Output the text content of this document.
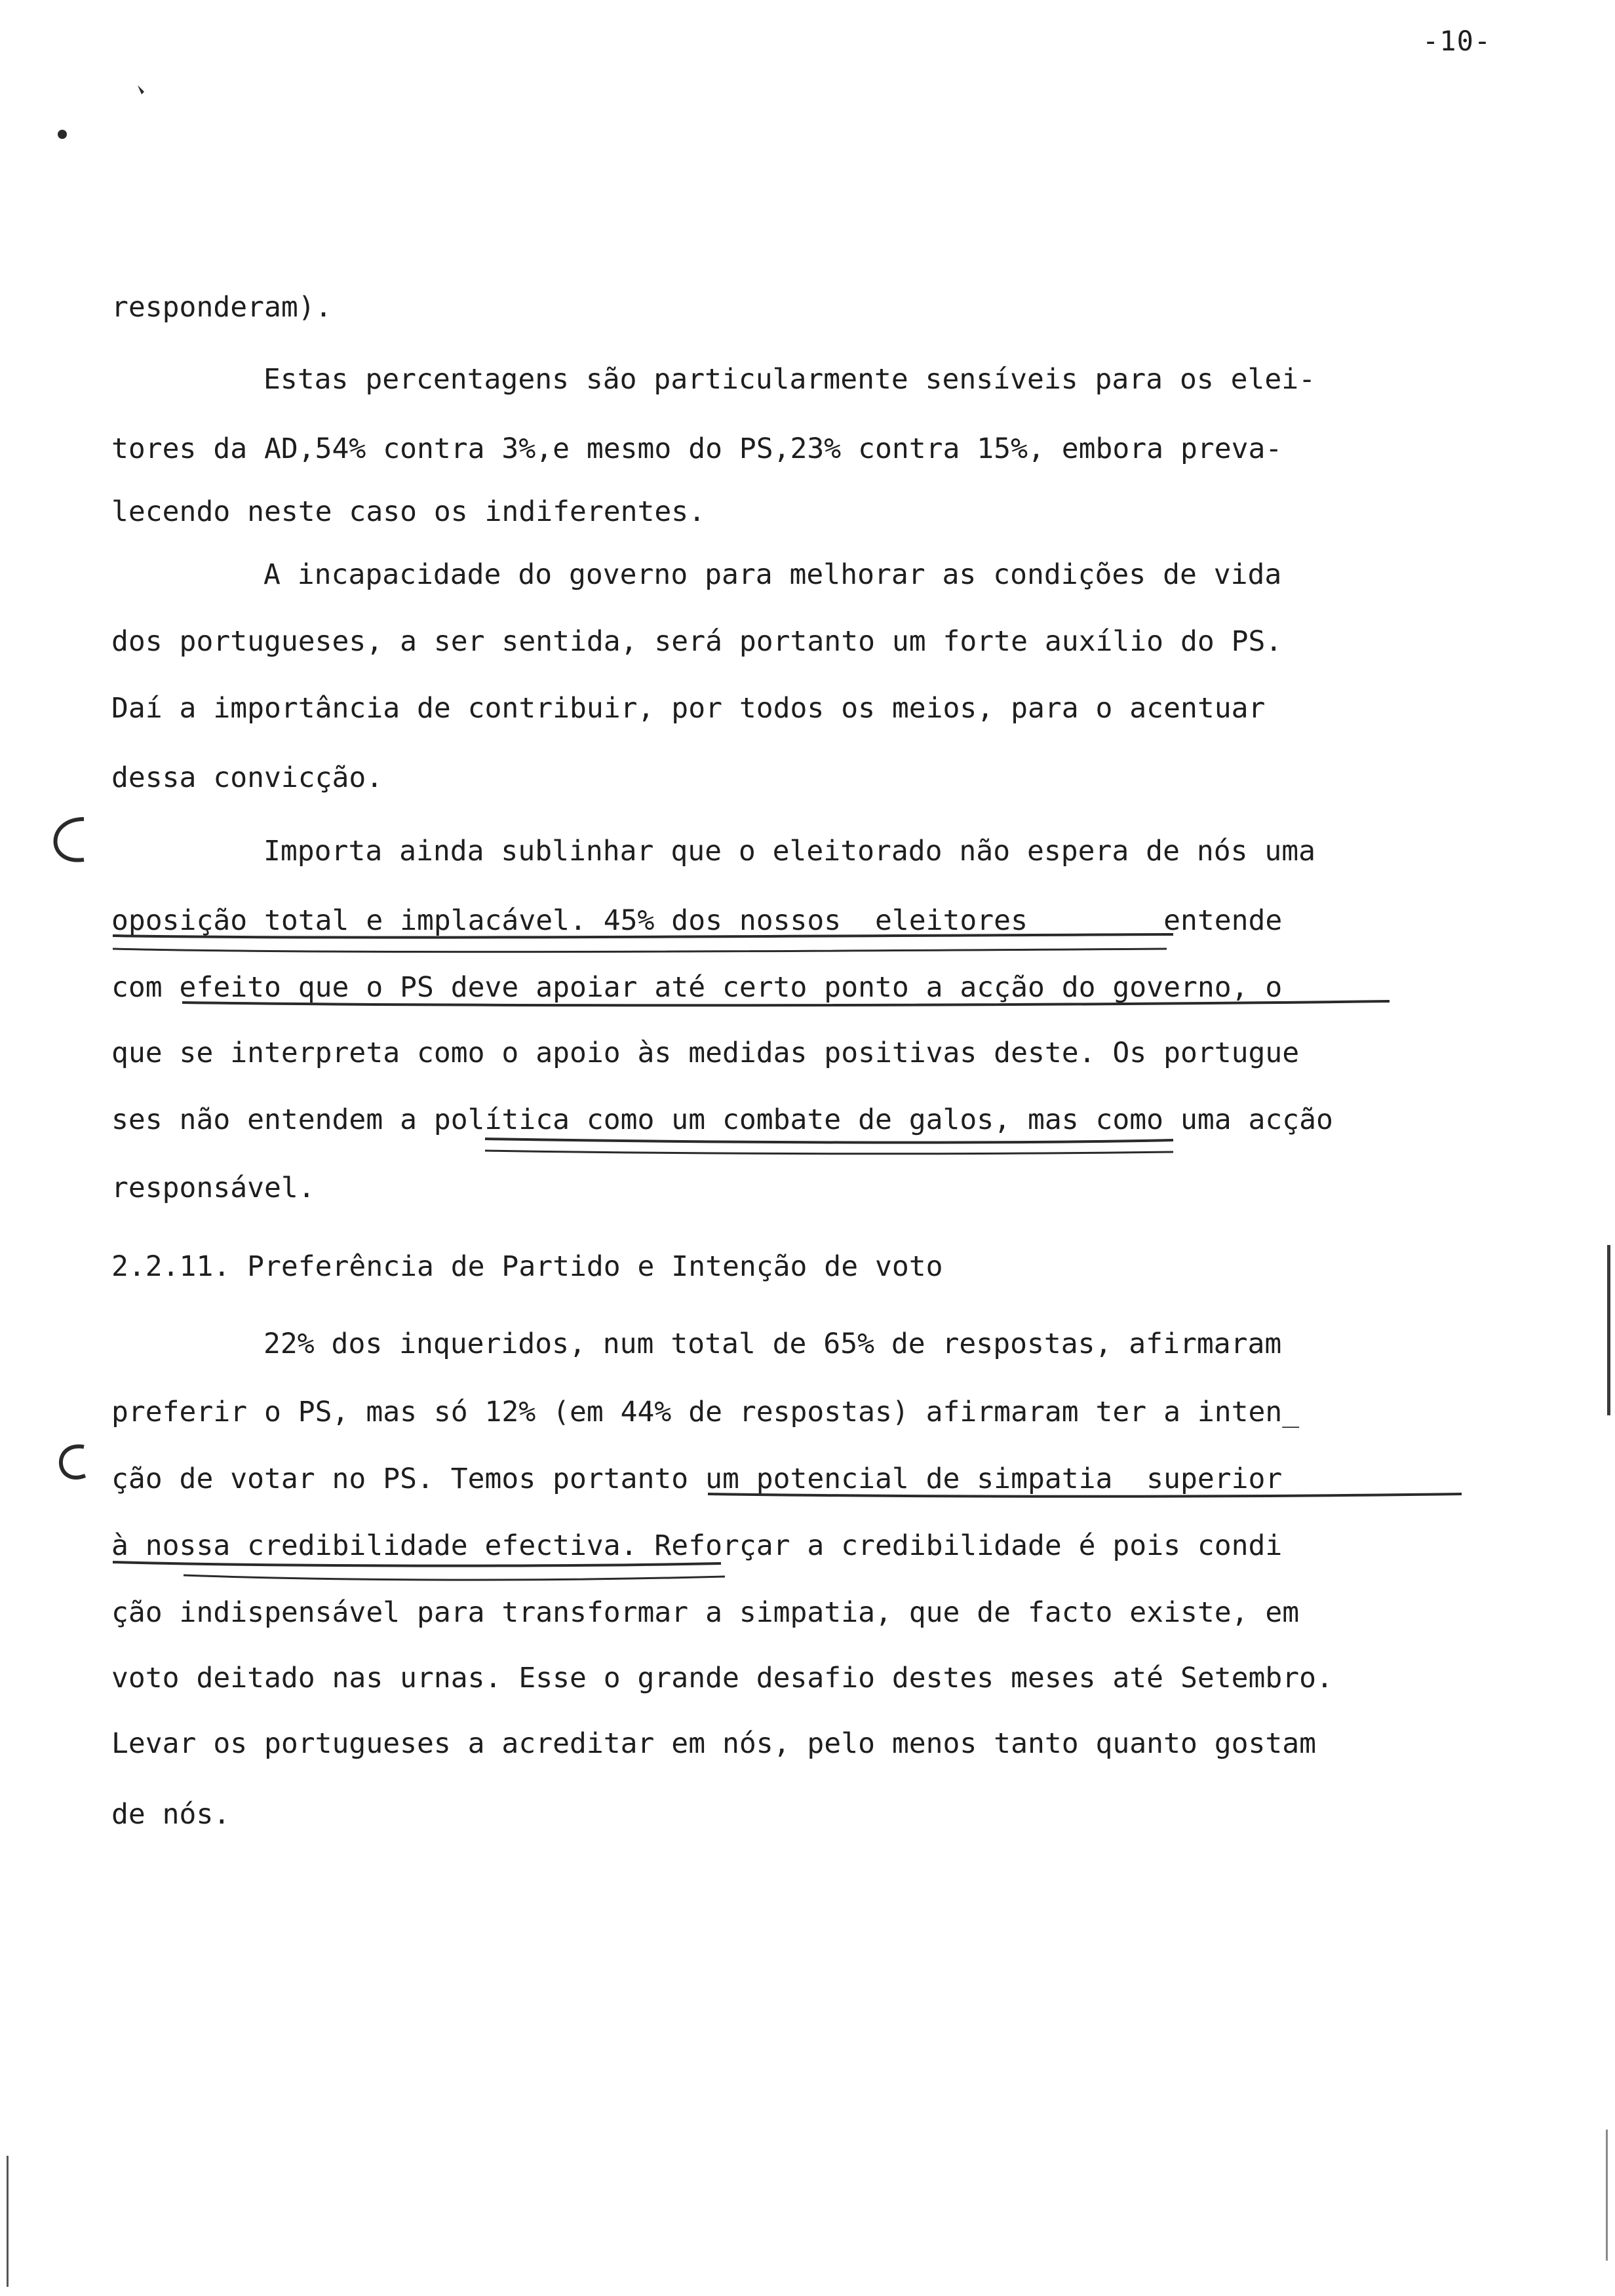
-10-
responderam).
Estas percentagens são particularmente sensíveis para os elei-
tores da AD,54% contra 3%,e mesmo do PS,23% contra 15%, embora preva-
lecendo neste caso os indiferentes.
A incapacidade do governo para melhorar as condições de vida
dos portugueses, a ser sentida, será portanto um forte auxílio do PS.
Daí a importância de contribuir, por todos os meios, para o acentuar
dessa convicção.
Importa ainda sublinhar que o eleitorado não espera de nós uma
oposição total e implacável. 45% dos nossos  eleitores        entende
com efeito que o PS deve apoiar até certo ponto a acção do governo, o
que se interpreta como o apoio às medidas positivas deste. Os portugue
ses não entendem a política como um combate de galos, mas como uma acção
responsável.
2.2.11. Preferência de Partido e Intenção de voto
22% dos inqueridos, num total de 65% de respostas, afirmaram
preferir o PS, mas só 12% (em 44% de respostas) afirmaram ter a inten_
ção de votar no PS. Temos portanto um potencial de simpatia  superior
à nossa credibilidade efectiva. Reforçar a credibilidade é pois condi
ção indispensável para transformar a simpatia, que de facto existe, em
voto deitado nas urnas. Esse o grande desafio destes meses até Setembro.
Levar os portugueses a acreditar em nós, pelo menos tanto quanto gostam
de nós.
